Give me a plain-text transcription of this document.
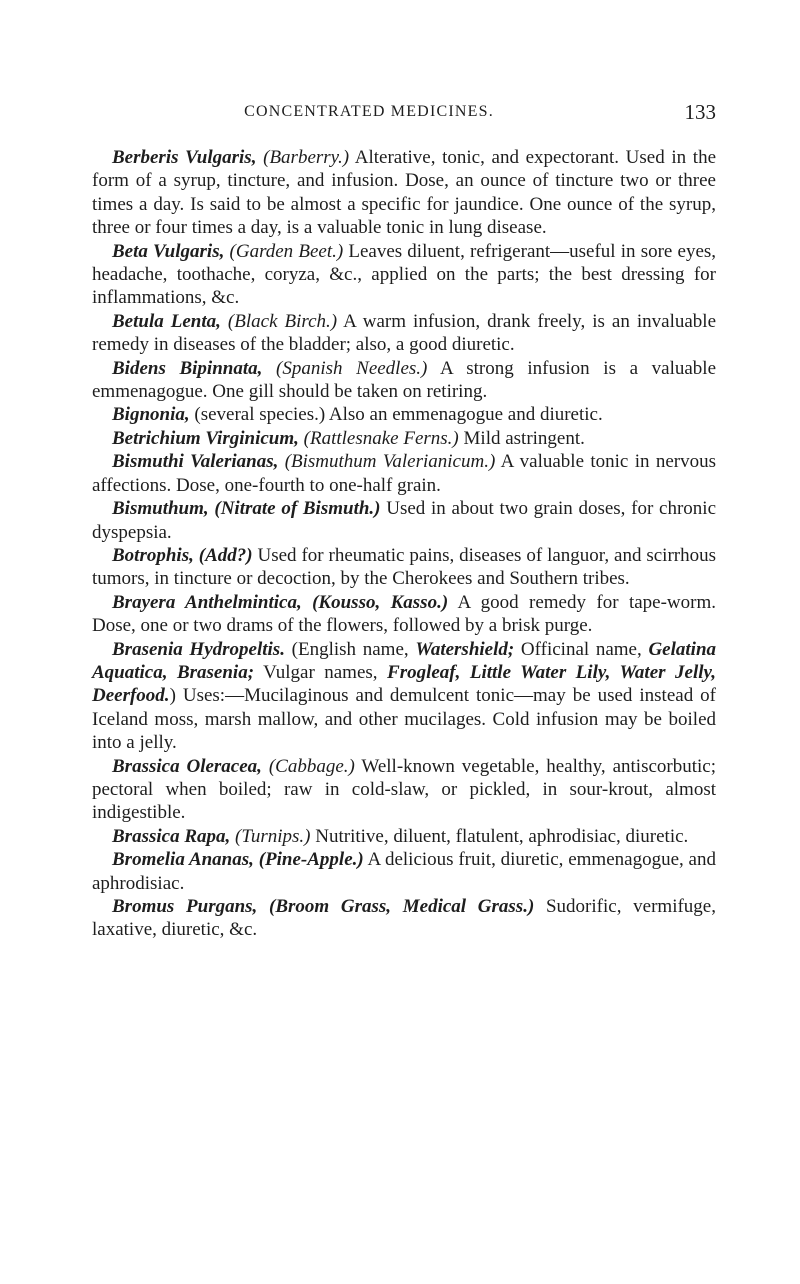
CONCENTRATED MEDICINES.	133

Berberis Vulgaris, (Barberry.) Alterative, tonic, and expectorant. Used in the form of a syrup, tincture, and infusion. Dose, an ounce of tincture two or three times a day. Is said to be almost a specific for jaundice. One ounce of the syrup, three or four times a day, is a valuable tonic in lung disease.

Beta Vulgaris, (Garden Beet.) Leaves diluent, refrigerant—useful in sore eyes, headache, toothache, coryza, &c., applied on the parts; the best dressing for inflammations, &c.

Betula Lenta, (Black Birch.) A warm infusion, drank freely, is an invaluable remedy in diseases of the bladder; also, a good diuretic.

Bidens Bipinnata, (Spanish Needles.) A strong infusion is a valuable emmenagogue. One gill should be taken on retiring.

Bignonia, (several species.) Also an emmenagogue and diuretic.

Betrichium Virginicum, (Rattlesnake Ferns.) Mild astringent.

Bismuthi Valerianas, (Bismuthum Valerianicum.) A valuable tonic in nervous affections. Dose, one-fourth to one-half grain.

Bismuthum, (Nitrate of Bismuth.) Used in about two grain doses, for chronic dyspepsia.

Botrophis, (Add?) Used for rheumatic pains, diseases of languor, and scirrhous tumors, in tincture or decoction, by the Cherokees and Southern tribes.

Brayera Anthelmintica, (Kousso, Kasso.) A good remedy for tape-worm. Dose, one or two drams of the flowers, followed by a brisk purge.

Brasenia Hydropeltis. (English name, Watershield; Officinal name, Gelatina Aquatica, Brasenia; Vulgar names, Frogleaf, Little Water Lily, Water Jelly, Deerfood.) Uses:—Mucilaginous and demulcent tonic—may be used instead of Iceland moss, marsh mallow, and other mucilages. Cold infusion may be boiled into a jelly.

Brassica Oleracea, (Cabbage.) Well-known vegetable, healthy, antiscorbutic; pectoral when boiled; raw in cold-slaw, or pickled, in sour-krout, almost indigestible.

Brassica Rapa, (Turnips.) Nutritive, diluent, flatulent, aphrodisiac, diuretic.

Bromelia Ananas, (Pine-Apple.) A delicious fruit, diuretic, emmenagogue, and aphrodisiac.

Bromus Purgans, (Broom Grass, Medical Grass.) Sudorific, vermifuge, laxative, diuretic, &c.
